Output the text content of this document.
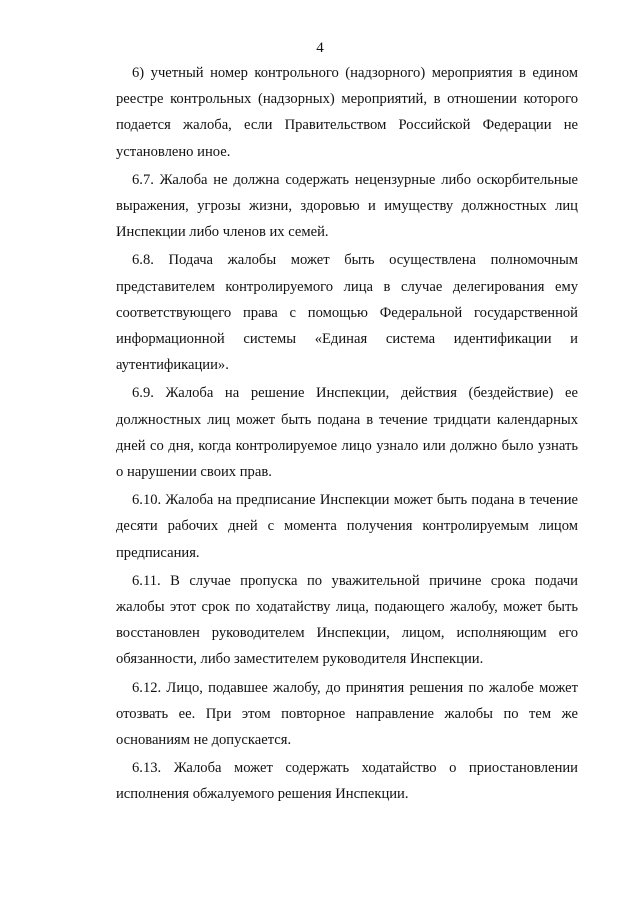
4

6) учетный номер контрольного (надзорного) мероприятия в едином реестре контрольных (надзорных) мероприятий, в отношении которого подается жалоба, если Правительством Российской Федерации не установлено иное.

6.7. Жалоба не должна содержать нецензурные либо оскорбительные выражения, угрозы жизни, здоровью и имуществу должностных лиц Инспекции либо членов их семей.

6.8. Подача жалобы может быть осуществлена полномочным представителем контролируемого лица в случае делегирования ему соответствующего права с помощью Федеральной государственной информационной системы «Единая система идентификации и аутентификации».

6.9. Жалоба на решение Инспекции, действия (бездействие) ее должностных лиц может быть подана в течение тридцати календарных дней со дня, когда контролируемое лицо узнало или должно было узнать о нарушении своих прав.

6.10. Жалоба на предписание Инспекции может быть подана в течение десяти рабочих дней с момента получения контролируемым лицом предписания.

6.11. В случае пропуска по уважительной причине срока подачи жалобы этот срок по ходатайству лица, подающего жалобу, может быть восстановлен руководителем Инспекции, лицом, исполняющим его обязанности, либо заместителем руководителя Инспекции.

6.12. Лицо, подавшее жалобу, до принятия решения по жалобе может отозвать ее. При этом повторное направление жалобы по тем же основаниям не допускается.

6.13. Жалоба может содержать ходатайство о приостановлении исполнения обжалуемого решения Инспекции.
